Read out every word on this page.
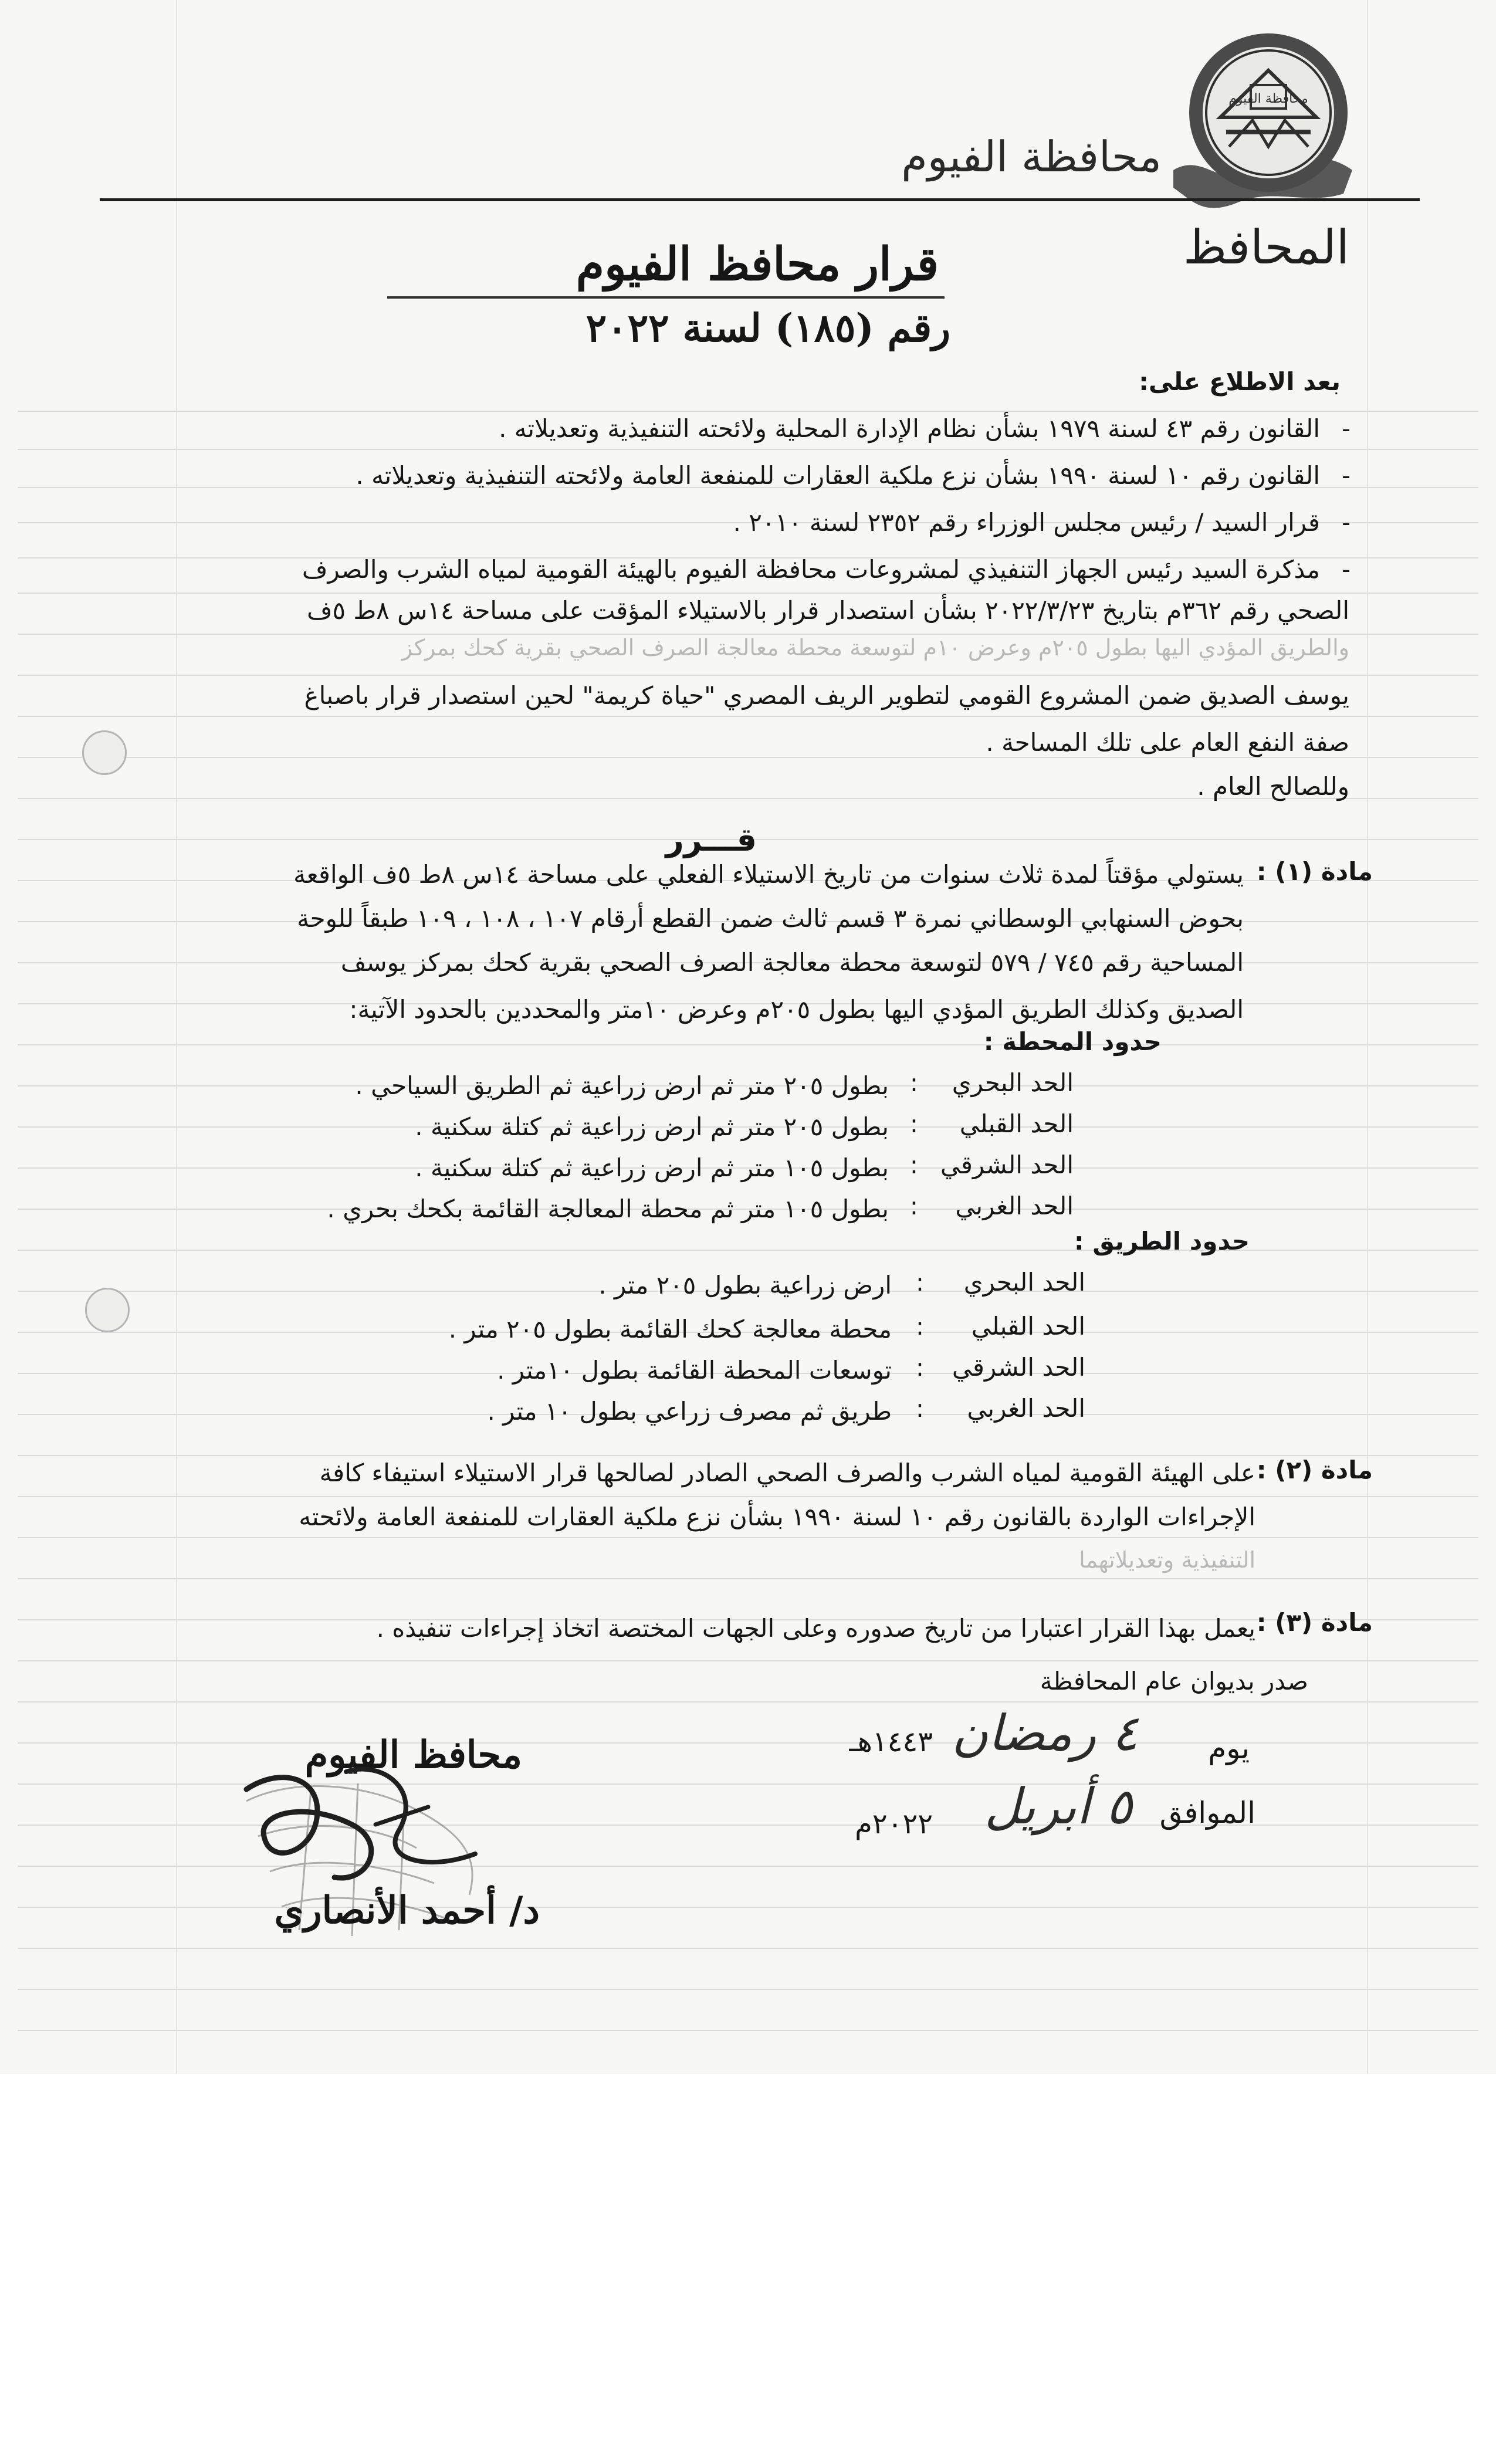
محافظة الفيوم
محافظة الفيوم
المحافظ
قرار محافظ الفيوم
رقم (١٨٥) لسنة ٢٠٢٢
بعد الاطلاع على:
-
القانون رقم ٤٣ لسنة ١٩٧٩ بشأن نظام الإدارة المحلية ولائحته التنفيذية وتعديلاته .
-
القانون رقم ١٠ لسنة ١٩٩٠ بشأن نزع ملكية العقارات للمنفعة العامة ولائحته التنفيذية وتعديلاته .
-
قرار السيد / رئيس مجلس الوزراء رقم ٢٣٥٢ لسنة ٢٠١٠ .
-
مذكرة السيد رئيس الجهاز التنفيذي لمشروعات محافظة الفيوم بالهيئة القومية لمياه الشرب والصرف
الصحي رقم ٣٦٢م بتاريخ ٢٠٢٢/٣/٢٣ بشأن استصدار قرار بالاستيلاء المؤقت على مساحة ١٤س ٨ط ٥ف
والطريق المؤدي اليها بطول ٢٠٥م وعرض ١٠م لتوسعة محطة معالجة الصرف الصحي بقرية كحك بمركز
يوسف الصديق ضمن المشروع القومي لتطوير الريف المصري "حياة كريمة" لحين استصدار قرار باصباغ
صفة النفع العام على تلك المساحة .
وللصالح العام .
قـــرر
مادة (١) :
يستولي مؤقتاً لمدة ثلاث سنوات من تاريخ الاستيلاء الفعلي على مساحة ١٤س ٨ط ٥ف الواقعة
بحوض السنهابي الوسطاني نمرة ٣ قسم ثالث ضمن القطع أرقام ١٠٧ ، ١٠٨ ، ١٠٩ طبقاً للوحة
المساحية رقم ٧٤٥ / ٥٧٩ لتوسعة محطة معالجة الصرف الصحي بقرية كحك بمركز يوسف
الصديق وكذلك الطريق المؤدي اليها بطول ٢٠٥م وعرض ١٠متر والمحددين بالحدود الآتية:
حدود المحطة :
الحد البحري
:
بطول ٢٠٥ متر ثم ارض زراعية ثم الطريق السياحي .
الحد القبلي
:
بطول ٢٠٥ متر ثم ارض زراعية ثم كتلة سكنية .
الحد الشرقي
:
بطول ١٠٥ متر ثم ارض زراعية ثم كتلة سكنية .
الحد الغربي
:
بطول ١٠٥ متر ثم محطة المعالجة القائمة بكحك بحري .
حدود الطريق :
الحد البحري
:
ارض زراعية بطول ٢٠٥ متر .
الحد القبلي
:
محطة معالجة كحك القائمة بطول ٢٠٥ متر .
الحد الشرقي
:
توسعات المحطة القائمة بطول ١٠متر .
الحد الغربي
:
طريق ثم مصرف زراعي بطول ١٠ متر .
مادة (٢) :
على الهيئة القومية لمياه الشرب والصرف الصحي الصادر لصالحها قرار الاستيلاء استيفاء كافة
الإجراءات الواردة بالقانون رقم ١٠ لسنة ١٩٩٠ بشأن نزع ملكية العقارات للمنفعة العامة ولائحته
التنفيذية وتعديلاتهما
مادة (٣) :
يعمل بهذا القرار اعتبارا من تاريخ صدوره وعلى الجهات المختصة اتخاذ إجراءات تنفيذه .
صدر بديوان عام المحافظة
يوم
٤ رمضان
١٤٤٣هـ
الموافق
٥ أبريل
٢٠٢٢م
محافظ الفيوم
د/ أحمد الأنصاري
